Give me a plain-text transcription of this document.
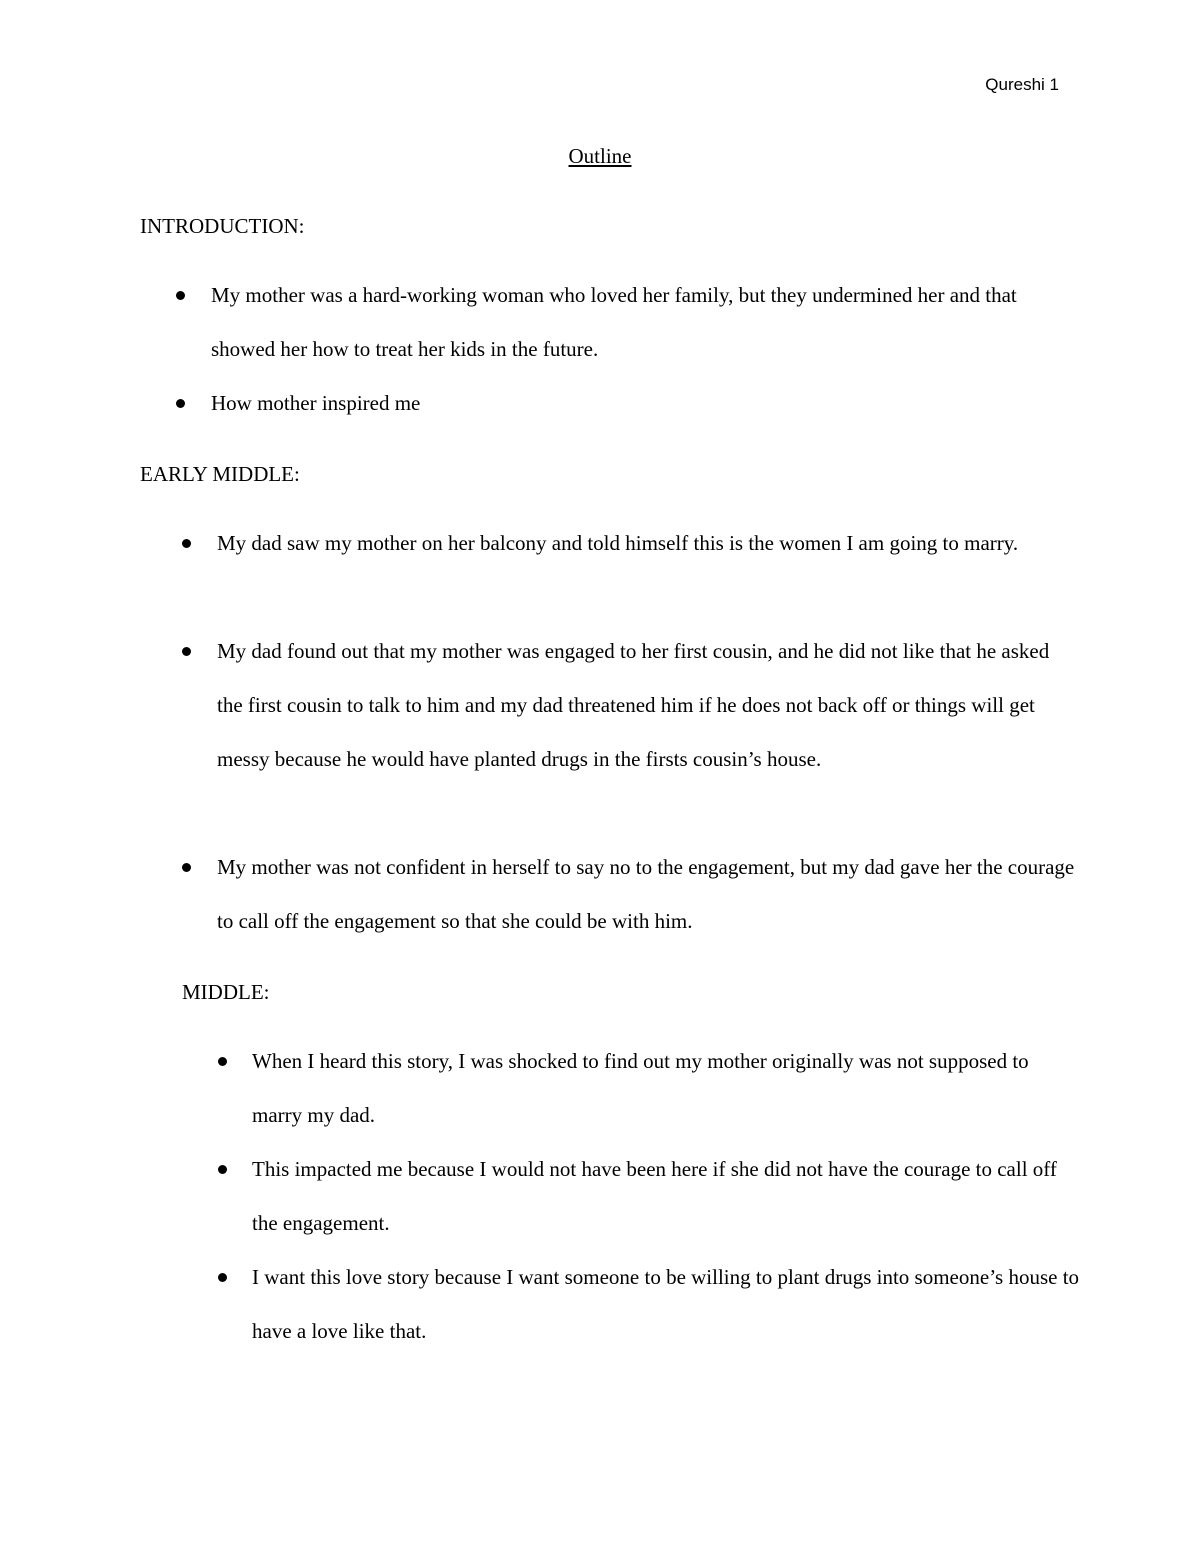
Qureshi 1
Outline
INTRODUCTION:
My mother was a hard-working woman who loved her family, but they undermined her and that showed her how to treat her kids in the future.
How mother inspired me
EARLY MIDDLE:
My dad saw my mother on her balcony and told himself this is the women I am going to marry.
My dad found out that my mother was engaged to her first cousin, and he did not like that he asked the first cousin to talk to him and my dad threatened him if he does not back off or things will get messy because he would have planted drugs in the firsts cousin’s house.
My mother was not confident in herself to say no to the engagement, but my dad gave her the courage to call off the engagement so that she could be with him.
MIDDLE:
When I heard this story, I was shocked to find out my mother originally was not supposed to marry my dad.
This impacted me because I would not have been here if she did not have the courage to call off the engagement.
I want this love story because I want someone to be willing to plant drugs into someone’s house to have a love like that.
